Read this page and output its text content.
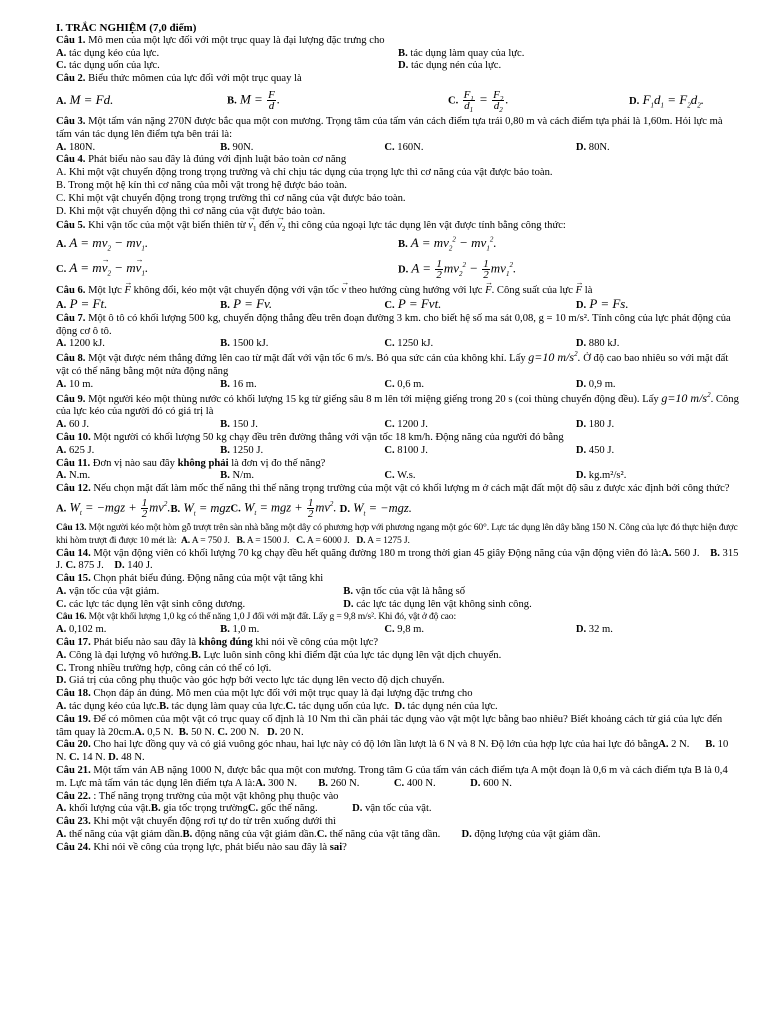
I. TRẮC NGHIỆM (7,0 điểm)
Câu 1. Mô men của một lực đối với một trục quay là đại lượng đặc trưng cho
A. tác dụng kéo của lực.	B. tác dụng làm quay của lực.
C. tác dụng uốn của lực.	D. tác dụng nén của lực.
Câu 2. Biểu thức mômen của lực đối với một trục quay là
A. M = Fd.	B. $M = \frac{F}{d}$ .	C. $\frac{F_1}{d_1} = \frac{F_2}{d_2}$ .	D. $F_1d_1 = F_2d_2$.
Câu 3. Một tấm ván nặng 270N được bắc qua một con mương. Trọng tâm của tấm ván cách điểm tựa trái 0,80 m và cách điểm tựa phải là 1,60m. Hỏi lực mà tấm ván tác dụng lên điểm tựa bên trái là:
A. 180N.	B. 90N.	C. 160N.	D. 80N.
Câu 4. Phát biểu nào sau đây là đúng với định luật bảo toàn cơ năng
A. Khi một vật chuyển động trong trọng trường và chỉ chịu tác dụng của trọng lực thì cơ năng của vật được bảo toàn.
B. Trong một hệ kín thì cơ năng của mỗi vật trong hệ được bảo toàn.
C. Khi một vật chuyển động trong trọng trường thì cơ năng của vật được bảo toàn.
D. Khi một vật chuyển động thì cơ năng của vật được bảo toàn.
Câu 5. Khi vận tốc của một vật biến thiên từ → $v_1$ đến → $v_2$ thì công của ngoại lực tác dụng lên vật được tính bằng công thức:
A. $A = mv_2 - mv_1$.	B. $A = mv_2^2 - mv_1^2$.
C. $A = m\to v_2 - m\to v_1$.	D. $A = \frac{1}{2} mv_2^2 - \frac{1}{2} mv_1^2$.
Câu 6. Một lực → F không đổi, kéo một vật chuyển động với vận tốc → v theo hướng cùng hướng với lực → F. Công suất của lực → F là
A. P = Ft.	B. P = Fv.	C. P = Fvt.	D. P = Fs.
Câu 7. Một ô tô có khối lượng 500 kg, chuyển động thẳng đều trên đoạn đường 3 km. cho biết hệ số ma sát 0,08, g = 10 m/s². Tính công của lực phát động của động cơ ô tô.
A. 1200 kJ.	B. 1500 kJ.	C. 1250 kJ.	D. 880 kJ.
Câu 8. Một vật được ném thẳng đứng lên cao từ mặt đất với vận tốc 6 m/s. Bỏ qua sức cản của không khí. Lấy g=10 $m/s^2$. Ở độ cao bao nhiêu so với mặt đất vật có thế năng bằng một nửa động năng
A. 10 m.	B. 16 m.	C. 0,6 m.	D. 0,9 m.
Câu 9. Một người kéo một thùng nước có khối lượng 15 kg từ giếng sâu 8 m lên tới miệng giếng trong 20 s (coi thùng chuyển động đều). Lấy g=10 $m/s^2$. Công của lực kéo của người đó có giá trị là
A. 60 J.	B. 150 J.	C. 1200 J.	D. 180 J.
Câu 10. Một người có khối lượng 50 kg chạy đều trên đường thẳng với vận tốc 18 km/h. Động năng của người đó bằng
A. 625 J.	B. 1250 J.	C. 8100 J.	D. 450 J.
Câu 11. Đơn vị nào sau đây không phải là đơn vị đo thế năng?
A. N.m.	B. N/m.	C. W.s.	D. kg.m²/s².
Câu 12. Nếu chọn mặt đất làm mốc thế năng thì thế năng trọng trường của một vật có khối lượng m ở cách mặt đất một độ sâu z được xác định bởi công thức?
A. $W_t = -mgz + \frac{1}{2} mv^2$. B. $W_t$ = mgz C. $W_t$ = mgz + $\frac{1}{2} mv^2$.
D. $W_t = -mgz$.
Câu 13. Một người kéo một hòm gỗ trượt trên sàn nhà bằng một dây có phương hợp với phương ngang một góc 60°. Lực tác dụng lên dây bằng 150 N. Công của lực đó thực hiện được khi hòm trượt đi được 10 mét là: A. A = 750 J. B. A = 1500 J. C. A = 6000 J. D. A = 1275 J.
Câu 14. Một vận động viên có khối lượng 70 kg chạy đều hết quãng đường 180 m trong thời gian 45 giây Động năng của vận động viên đó là:A. 560 J. B. 315 J. C. 875 J. D. 140 J.
Câu 15. Chọn phát biểu đúng. Động năng của một vật tăng khi
A. vận tốc của vật giảm.	B. vận tốc của vật là hằng số
C. các lực tác dụng lên vật sinh công dương.	D. các lực tác dụng lên vật không sinh công.
Câu 16. Một vật khối lượng 1,0 kg có thế năng 1,0 J đối với mặt đất. Lấy g = 9,8 m/s². Khi đó, vật ở độ cao:
A. 0,102 m.	B. 1,0 m.	C. 9,8 m.	D. 32 m.
Câu 17. Phát biểu nào sau đây là không đúng khi nói về công của một lực?
A. Công là đại lượng vô hướng.B. Lực luôn sinh công khi điểm đặt của lực tác dụng lên vật dịch chuyển.
C. Trong nhiều trường hợp, công cản có thể có lợi.
D. Giá trị của công phụ thuộc vào góc hợp bởi vecto lực tác dụng lên vecto độ dịch chuyển.
Câu 18. Chọn đáp án đúng. Mô men của một lực đối với một trục quay là đại lượng đặc trưng cho
A. tác dụng kéo của lực.B. tác dụng làm quay của lực.C. tác dụng uốn của lực. D. tác dụng nén của lực.
Câu 19. Để có mômen của một vật có trục quay cố định là 10 Nm thì cần phải tác dụng vào vật một lực bằng bao nhiêu? Biết khoảng cách từ giá của lực đến tâm quay là 20cm.A. 0,5 N. B. 50 N. C. 200 N. D. 20 N.
Câu 20. Cho hai lực đồng quy và có giá vuông góc nhau, hai lực này có độ lớn lần lượt là 6 N và 8 N. Độ lớn của hợp lực của hai lực đó bằngA. 2 N. B. 10 N. C. 14 N. D. 48 N.
Câu 21. Một tấm ván AB nặng 1000 N, được bắc qua một con mương. Trong tâm G của tấm ván cách điểm tựa A một đoạn là 0,6 m và cách điểm tựa B là 0,4 m. Lực mà tấm ván tác dụng lên điểm tựa A là:A. 300 N. B. 260 N.	C. 400 N.	D. 600 N.
Câu 22. : Thế năng trọng trường của một vật không phụ thuộc vào
A. khối lượng của vật.B. gia tốc trọng trườngC. gốc thế năng.	D. vận tốc của vật.
Câu 23. Khi một vật chuyển động rơi tự do từ trên xuống dưới thì
A. thế năng của vật giảm dần.B. động năng của vật giảm dần.C. thế năng của vật tăng dần. D. động lượng của vật giảm dần.
Câu 24. Khi nói về công của trọng lực, phát biểu nào sau đây là sai?
